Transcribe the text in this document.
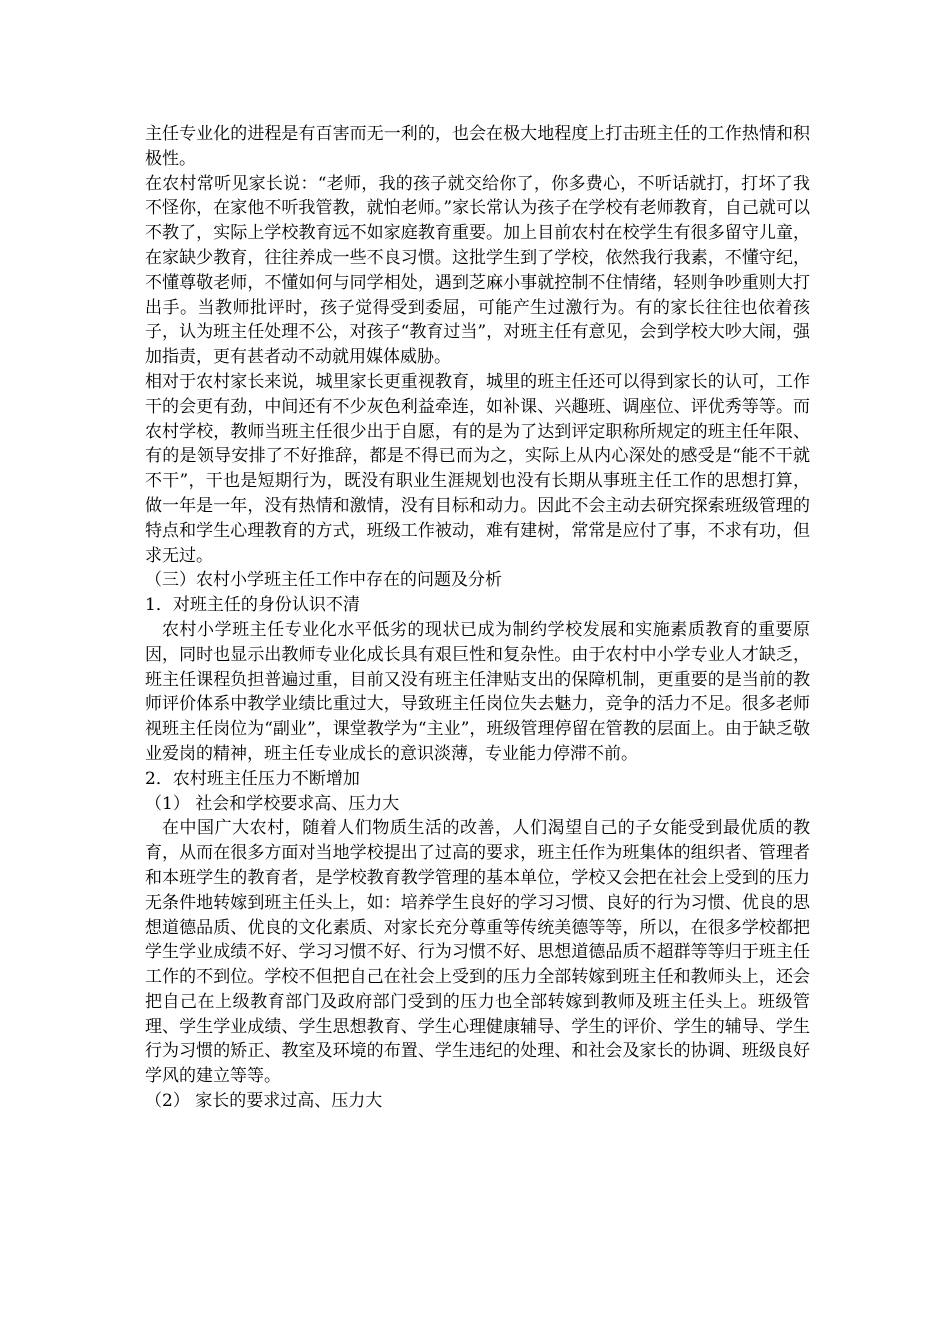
主任专业化的进程是有百害而无一利的，也会在极大地程度上打击班主任的工作热情和积极性。

在农村常听见家长说：“老师，我的孩子就交给你了，你多费心，不听话就打，打坏了我不怪你，在家他不听我管教，就怕老师。”家长常认为孩子在学校有老师教育，自己就可以不教了，实际上学校教育远不如家庭教育重要。加上目前农村在校学生有很多留守儿童，在家缺少教育，往往养成一些不良习惯。这批学生到了学校，依然我行我素，不懂守纪，不懂尊敬老师，不懂如何与同学相处，遇到芝麻小事就控制不住情绪，轻则争吵重则大打出手。当教师批评时，孩子觉得受到委屈，可能产生过激行为。有的家长往往也依着孩子，认为班主任处理不公，对孩子“教育过当”，对班主任有意见，会到学校大吵大闹，强加指责，更有甚者动不动就用媒体威胁。

相对于农村家长来说，城里家长更重视教育，城里的班主任还可以得到家长的认可，工作干的会更有劲，中间还有不少灰色利益牵连，如补课、兴趣班、调座位、评优秀等等。而农村学校，教师当班主任很少出于自愿，有的是为了达到评定职称所规定的班主任年限、有的是领导安排了不好推辞，都是不得已而为之，实际上从内心深处的感受是“能不干就不干”，干也是短期行为，既没有职业生涯规划也没有长期从事班主任工作的思想打算，做一年是一年，没有热情和激情，没有目标和动力。因此不会主动去研究探索班级管理的特点和学生心理教育的方式，班级工作被动，难有建树，常常是应付了事，不求有功，但求无过。

（三）农村小学班主任工作中存在的问题及分析

1．对班主任的身份认识不清

农村小学班主任专业化水平低劣的现状已成为制约学校发展和实施素质教育的重要原因，同时也显示出教师专业化成长具有艰巨性和复杂性。由于农村中小学专业人才缺乏，班主任课程负担普遍过重，目前又没有班主任津贴支出的保障机制，更重要的是当前的教师评价体系中教学业绩比重过大，导致班主任岗位失去魅力，竞争的活力不足。很多老师视班主任岗位为“副业”，课堂教学为“主业”，班级管理停留在管教的层面上。由于缺乏敬业爱岗的精神，班主任专业成长的意识淡薄，专业能力停滞不前。

2．农村班主任压力不断增加

（1） 社会和学校要求高、压力大

在中国广大农村，随着人们物质生活的改善，人们渴望自己的子女能受到最优质的教育，从而在很多方面对当地学校提出了过高的要求，班主任作为班集体的组织者、管理者和本班学生的教育者，是学校教育教学管理的基本单位，学校又会把在社会上受到的压力无条件地转嫁到班主任头上，如：培养学生良好的学习习惯、良好的行为习惯、优良的思想道德品质、优良的文化素质、对家长充分尊重等传统美德等等，所以，在很多学校都把学生学业成绩不好、学习习惯不好、行为习惯不好、思想道德品质不超群等等归于班主任工作的不到位。学校不但把自己在社会上受到的压力全部转嫁到班主任和教师头上，还会把自己在上级教育部门及政府部门受到的压力也全部转嫁到教师及班主任头上。班级管理、学生学业成绩、学生思想教育、学生心理健康辅导、学生的评价、学生的辅导、学生行为习惯的矫正、教室及环境的布置、学生违纪的处理、和社会及家长的协调、班级良好学风的建立等等。

（2） 家长的要求过高、压力大
